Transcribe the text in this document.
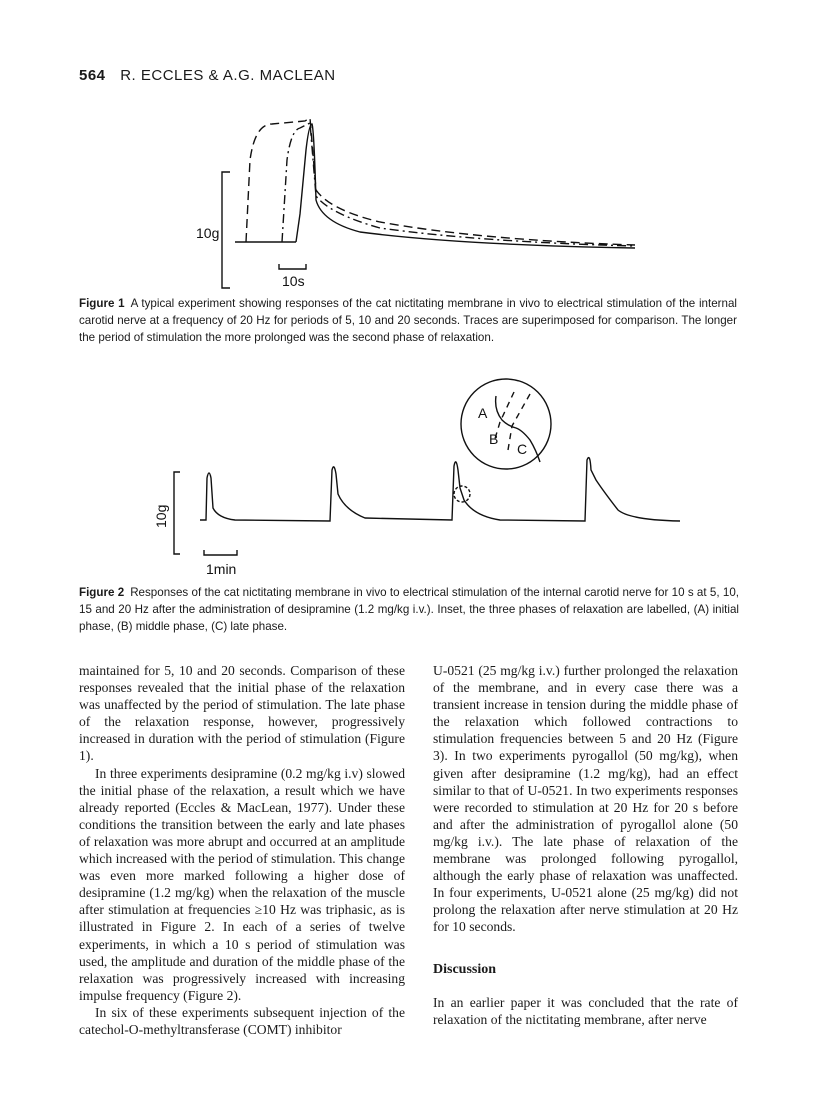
564 R. ECCLES & A.G. MACLEAN
10g
10s
Figure 1 A typical experiment showing responses of the cat nictitating membrane in vivo to electrical stimulation of the internal carotid nerve at a frequency of 20 Hz for periods of 5, 10 and 20 seconds. Traces are superimposed for comparison. The longer the period of stimulation the more prolonged was the second phase of relaxation.
10g
1min
A
B
C
Figure 2 Responses of the cat nictitating membrane in vivo to electrical stimulation of the internal carotid nerve for 10 s at 5, 10, 15 and 20 Hz after the administration of desipramine (1.2 mg/kg i.v.). Inset, the three phases of relaxation are labelled, (A) initial phase, (B) middle phase, (C) late phase.

maintained for 5, 10 and 20 seconds. Comparison of these responses revealed that the initial phase of the relaxation was unaffected by the period of stimulation. The late phase of the relaxation response, however, progressively increased in duration with the period of stimulation (Figure 1).

In three experiments desipramine (0.2 mg/kg i.v) slowed the initial phase of the relaxation, a result which we have already reported (Eccles & MacLean, 1977). Under these conditions the transition between the early and late phases of relaxation was more abrupt and occurred at an amplitude which increased with the period of stimulation. This change was even more marked following a higher dose of desipramine (1.2 mg/kg) when the relaxation of the muscle after stimulation at frequencies ≥10 Hz was triphasic, as is illustrated in Figure 2. In each of a series of twelve experiments, in which a 10 s period of stimulation was used, the amplitude and duration of the middle phase of the relaxation was progressively increased with increasing impulse frequency (Figure 2).

In six of these experiments subsequent injection of the catechol-O-methyltransferase (COMT) inhibitor

U-0521 (25 mg/kg i.v.) further prolonged the relaxation of the membrane, and in every case there was a transient increase in tension during the middle phase of the relaxation which followed contractions to stimulation frequencies between 5 and 20 Hz (Figure 3). In two experiments pyrogallol (50 mg/kg), when given after desipramine (1.2 mg/kg), had an effect similar to that of U-0521. In two experiments responses were recorded to stimulation at 20 Hz for 20 s before and after the administration of pyrogallol alone (50 mg/kg i.v.). The late phase of relaxation of the membrane was prolonged following pyrogallol, although the early phase of relaxation was unaffected. In four experiments, U-0521 alone (25 mg/kg) did not prolong the relaxation after nerve stimulation at 20 Hz for 10 seconds.

Discussion

In an earlier paper it was concluded that the rate of relaxation of the nictitating membrane, after nerve
